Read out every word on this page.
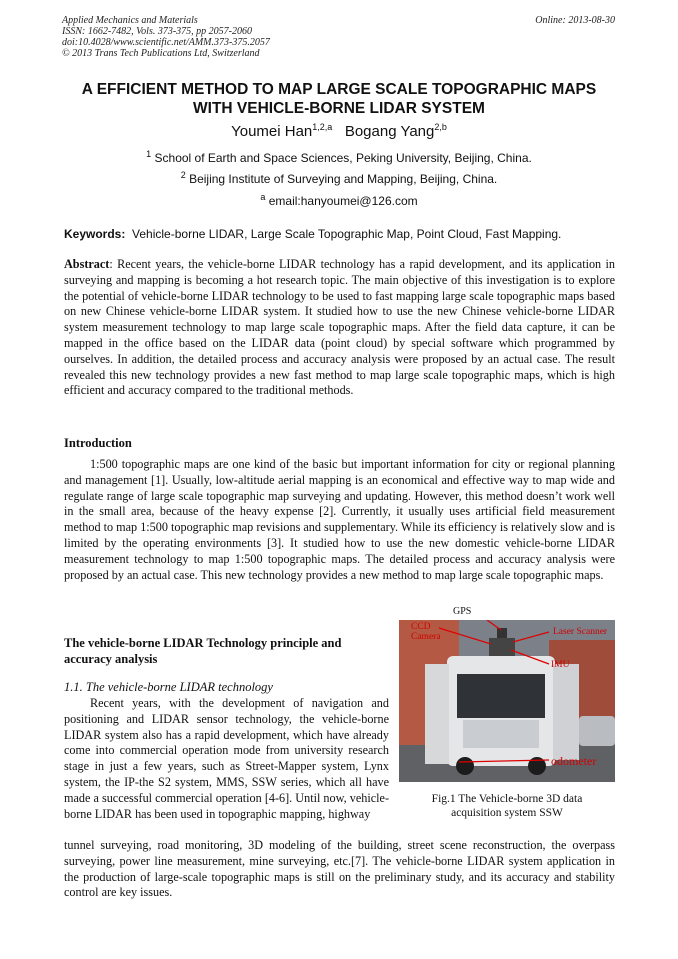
Applied Mechanics and Materials
ISSN: 1662-7482, Vols. 373-375, pp 2057-2060
doi:10.4028/www.scientific.net/AMM.373-375.2057
© 2013 Trans Tech Publications Ltd, Switzerland
Online: 2013-08-30
A EFFICIENT METHOD TO MAP LARGE SCALE TOPOGRAPHIC MAPS
WITH VEHICLE-BORNE LIDAR SYSTEM
Youmei Han$^{1,2,a}$ Bogang Yang$^{2,b}$
$^1$ School of Earth and Space Sciences, Peking University, Beijing, China.
$^2$ Beijing Institute of Surveying and Mapping, Beijing, China.
$^a$ email:hanyoumei@126.com
Keywords: Vehicle-borne LIDAR, Large Scale Topographic Map, Point Cloud, Fast Mapping.
Abstract: Recent years, the vehicle-borne LIDAR technology has a rapid development, and its application in surveying and mapping is becoming a hot research topic. The main objective of this investigation is to explore the potential of vehicle-borne LIDAR technology to be used to fast mapping large scale topographic maps based on new Chinese vehicle-borne LIDAR system. It studied how to use the new Chinese vehicle-borne LIDAR system measurement technology to map large scale topographic maps. After the field data capture, it can be mapped in the office based on the LIDAR data (point cloud) by special software which programmed by ourselves. In addition, the detailed process and accuracy analysis were proposed by an actual case. The result revealed this new technology provides a new fast method to map large scale topographic maps, which is high efficient and accuracy compared to the traditional methods.
Introduction
1:500 topographic maps are one kind of the basic but important information for city or regional planning and management [1]. Usually, low-altitude aerial mapping is an economical and effective way to map wide and regulate range of large scale topographic map surveying and updating. However, this method doesn’t work well in the small area, because of the heavy expense [2]. Currently, it usually uses artificial field measurement method to map 1:500 topographic map revisions and supplementary. While its efficiency is relatively slow and is limited by the operating environments [3]. It studied how to use the new domestic vehicle-borne LIDAR measurement technology to map 1:500 topographic maps. The detailed process and accuracy analysis were proposed by an actual case. This new technology provides a new method to map large scale topographic maps.
The vehicle-borne LIDAR Technology principle and accuracy analysis
1.1. The vehicle-borne LIDAR technology
Recent years, with the development of navigation and positioning and LIDAR sensor technology, the vehicle-borne LIDAR system also has a rapid development, which have already come into commercial operation mode from university research stage in just a few years, such as Street-Mapper system, Lynx system, the IP-the S2 system, MMS, SSW series, which all have made a successful commercial operation [4-6]. Until now, vehicle-borne LIDAR has been used in topographic mapping, highway
tunnel surveying, road monitoring, 3D modeling of the building, street scene reconstruction, the overpass surveying, power line measurement, mine surveying, etc.[7]. The vehicle-borne LIDAR system application in the production of large-scale topographic maps is still on the preliminary study, and its accuracy and stability control are key issues.
GPS
CCD
Camera	Laser Scanner
IMU
odometer
Fig.1 The Vehicle-borne 3D data
acquisition system SSW
